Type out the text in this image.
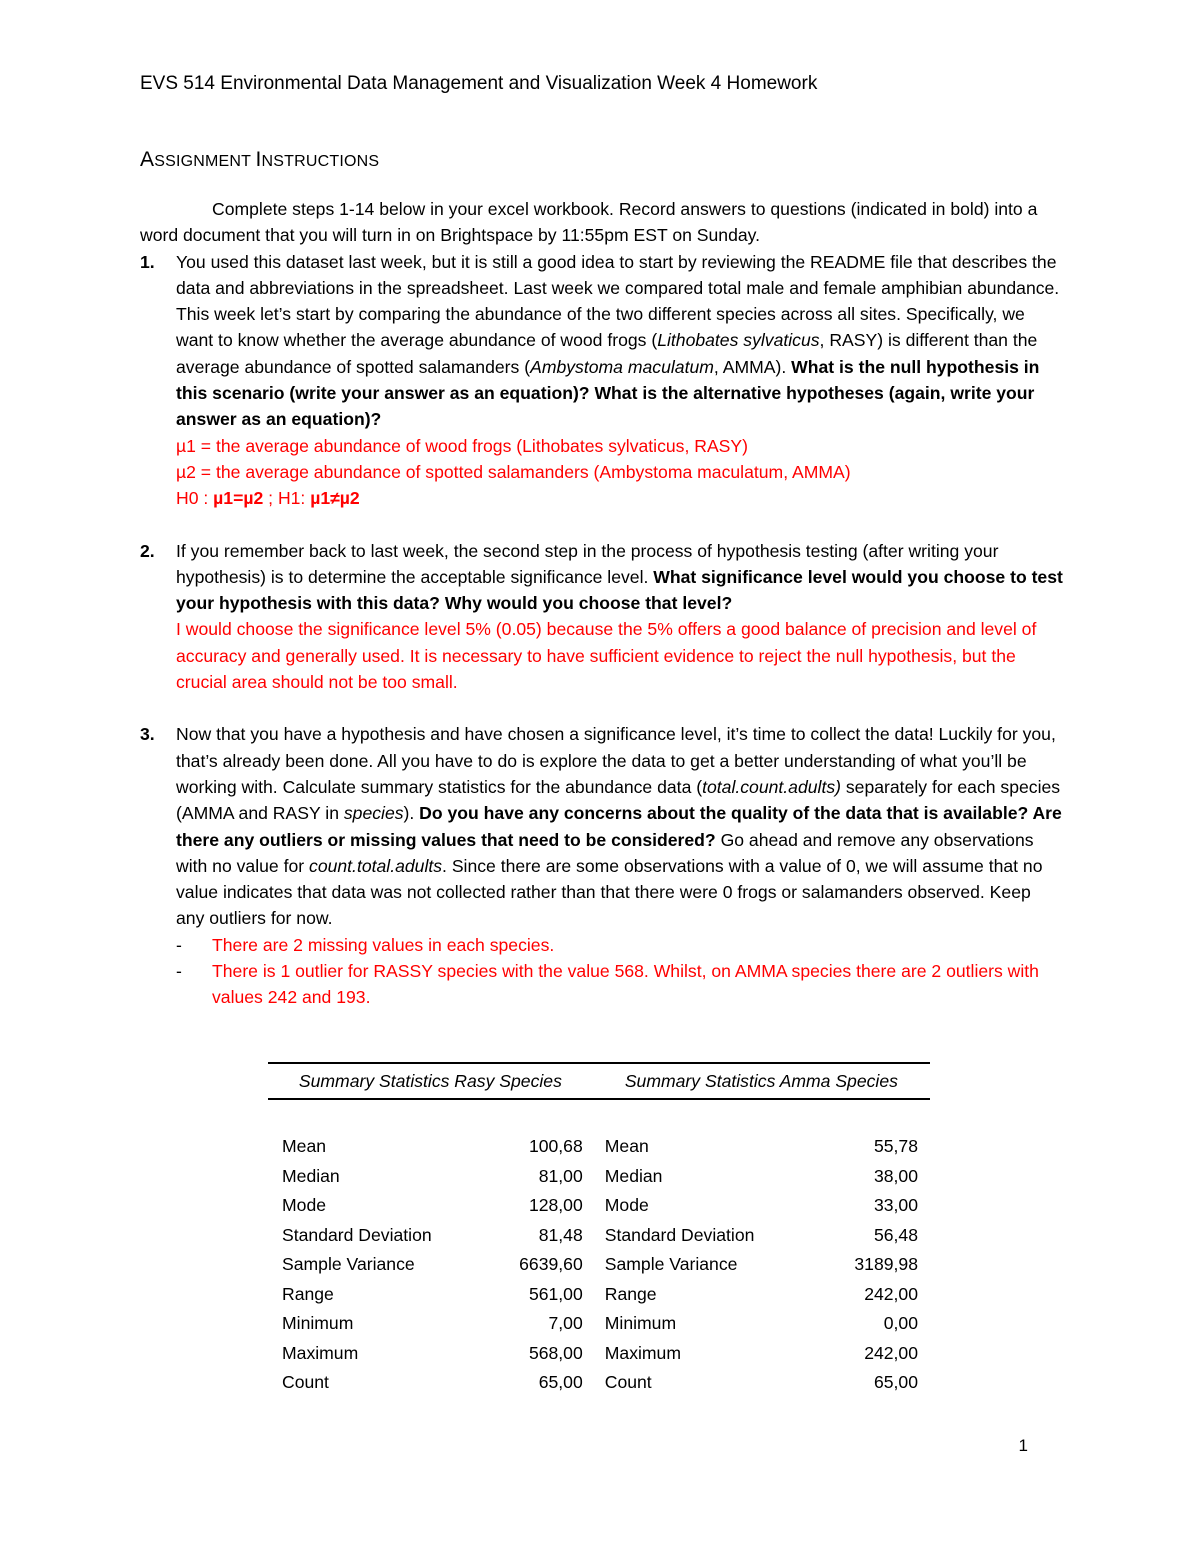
EVS 514 Environmental Data Management and Visualization Week 4 Homework
ASSIGNMENT INSTRUCTIONS

Complete steps 1-14 below in your excel workbook. Record answers to questions (indicated in bold) into a word document that you will turn in on Brightspace by 11:55pm EST on Sunday.

1. You used this dataset last week, but it is still a good idea to start by reviewing the README file that describes the data and abbreviations in the spreadsheet. Last week we compared total male and female amphibian abundance. This week let’s start by comparing the abundance of the two different species across all sites. Specifically, we want to know whether the average abundance of wood frogs (Lithobates sylvaticus, RASY) is different than the average abundance of spotted salamanders (Ambystoma maculatum, AMMA). What is the null hypothesis in this scenario (write your answer as an equation)? What is the alternative hypotheses (again, write your answer as an equation)?

µ1 = the average abundance of wood frogs (Lithobates sylvaticus, RASY)

µ2 = the average abundance of spotted salamanders (Ambystoma maculatum, AMMA)

H0 : µ1=µ2 ; H1: µ1≠µ2

2. If you remember back to last week, the second step in the process of hypothesis testing (after writing your hypothesis) is to determine the acceptable significance level. What significance level would you choose to test your hypothesis with this data? Why would you choose that level?

I would choose the significance level 5% (0.05) because the 5% offers a good balance of precision and level of accuracy and generally used. It is necessary to have sufficient evidence to reject the null hypothesis, but the crucial area should not be too small.

3. Now that you have a hypothesis and have chosen a significance level, it’s time to collect the data! Luckily for you, that’s already been done. All you have to do is explore the data to get a better understanding of what you’ll be working with. Calculate summary statistics for the abundance data (total.count.adults) separately for each species (AMMA and RASY in species). Do you have any concerns about the quality of the data that is available? Are there any outliers or missing values that need to be considered? Go ahead and remove any observations with no value for count.total.adults. Since there are some observations with a value of 0, we will assume that no value indicates that data was not collected rather than that there were 0 frogs or salamanders observed. Keep any outliers for now.

- There are 2 missing values in each species.

- There is 1 outlier for RASSY species with the value 568. Whilst, on AMMA species there are 2 outliers with values 242 and 193.

Summary Statistics Rasy Species		Summary Statistics Amma Species	

Mean	100,68	Mean	55,78
Median	81,00	Median	38,00
Mode	128,00	Mode	33,00
Standard Deviation	81,48	Standard Deviation	56,48
Sample Variance	6639,60	Sample Variance	3189,98
Range	561,00	Range	242,00
Minimum	7,00	Minimum	0,00
Maximum	568,00	Maximum	242,00
Count	65,00	Count	65,00
1
